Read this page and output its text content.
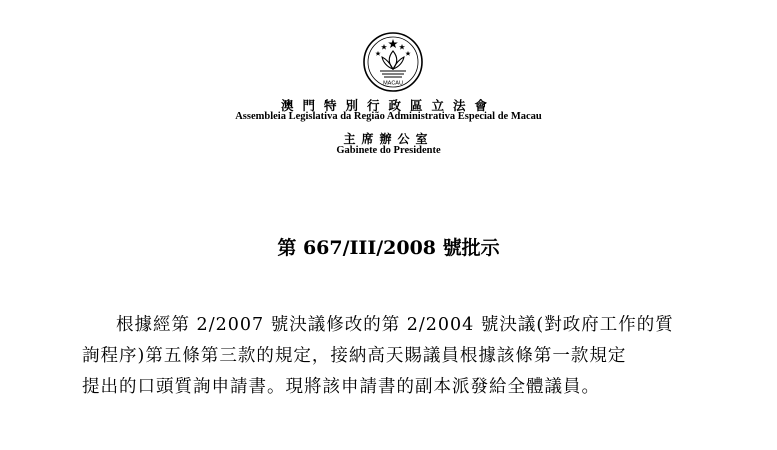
MACAU
澳門特別行政區立法會
Assembleia Legislativa da Região Administrativa Especial de Macau
主席辦公室
Gabinete do Presidente
第 667/III/2008 號批示

根據經第 2/2007 號決議修改的第 2/2004 號決議(對政府工作的質

詢程序)第五條第三款的規定，接納高天賜議員根據該條第一款規定

提出的口頭質詢申請書。現將該申請書的副本派發給全體議員。
